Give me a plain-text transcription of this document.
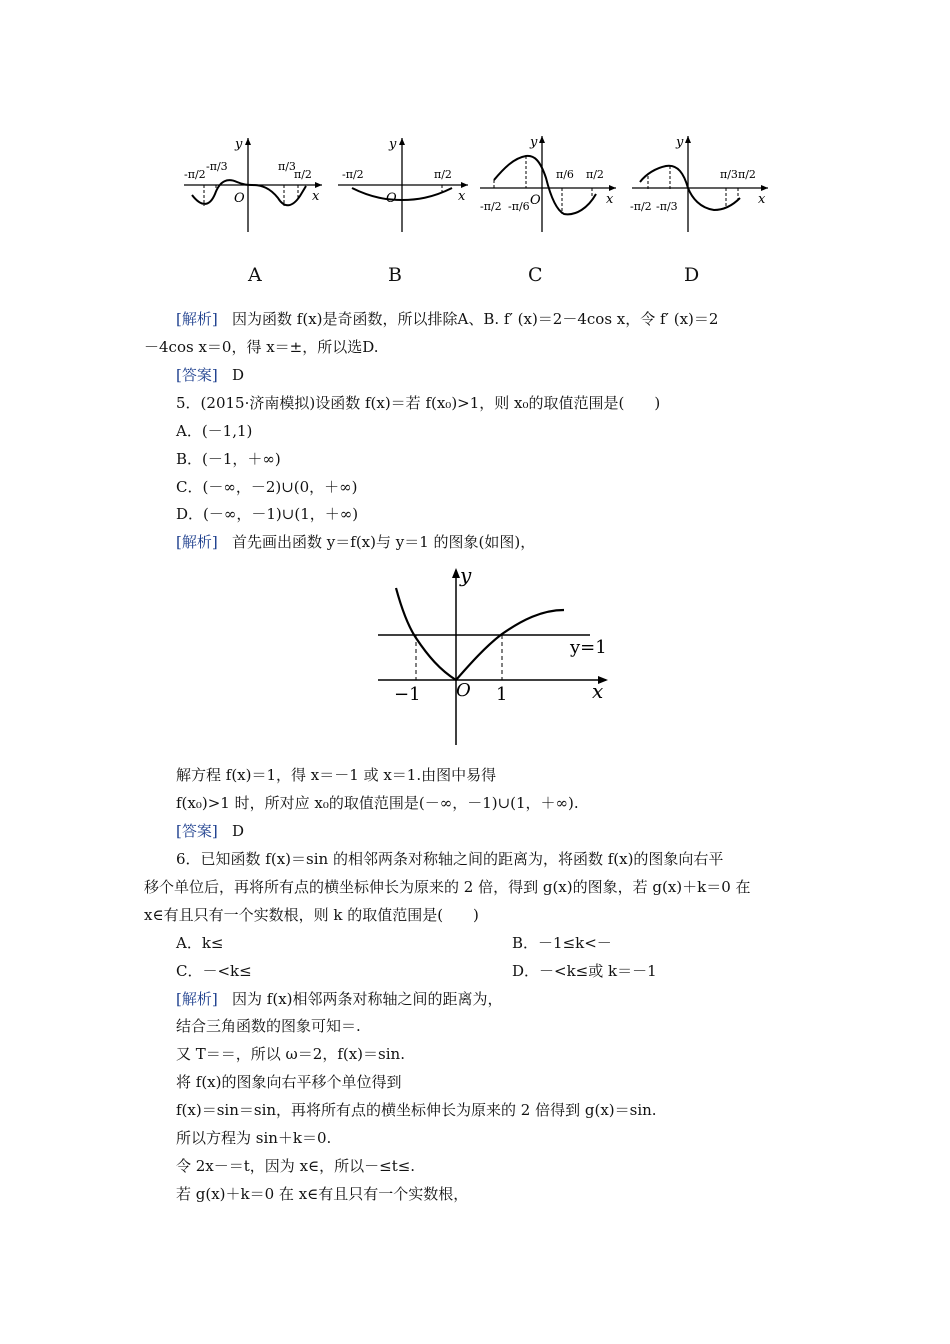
y
x
O
-π/2
-π/3	π/3
π/2
y
x
O
-π/2	π/2
y
x
O
-π/2 -π/6
π/6 π/2
y
x
-π/2 -π/3
π/3 π/2
A	B	C	D
[解析] 因为函数 f(x)是奇函数，所以排除A、B. f′ (x)＝2－4cos x，令 f′ (x)＝2
－4cos x＝0，得 x＝±，所以选D.
[答案] D
5．(2015·济南模拟)设函数 f(x)＝若 f(x₀)>1，则 x₀的取值范围是(　　)
A．(－1,1)
B．(－1，＋∞)
C．(－∞，－2)∪(0，＋∞)
D．(－∞，－1)∪(1，＋∞)
[解析] 首先画出函数 y＝f(x)与 y＝1 的图象(如图)，
y
x
O
y=1
−1	1
解方程 f(x)＝1，得 x＝－1 或 x＝1.由图中易得
f(x₀)>1 时，所对应 x₀的取值范围是(－∞，－1)∪(1，＋∞).
[答案] D
6．已知函数 f(x)＝sin 的相邻两条对称轴之间的距离为，将函数 f(x)的图象向右平
移个单位后，再将所有点的横坐标伸长为原来的 2 倍，得到 g(x)的图象，若 g(x)＋k＝0 在
x∈有且只有一个实数根，则 k 的取值范围是(　　)
A．k≤	B．－1≤k<－
C．－<k≤	D．－<k≤或 k＝－1
[解析] 因为 f(x)相邻两条对称轴之间的距离为，
结合三角函数的图象可知＝.
又 T＝＝，所以 ω＝2，f(x)＝sin.
将 f(x)的图象向右平移个单位得到
f(x)＝sin＝sin，再将所有点的横坐标伸长为原来的 2 倍得到 g(x)＝sin.
所以方程为 sin＋k＝0.
令 2x－＝t，因为 x∈，所以－≤t≤.
若 g(x)＋k＝0 在 x∈有且只有一个实数根，
